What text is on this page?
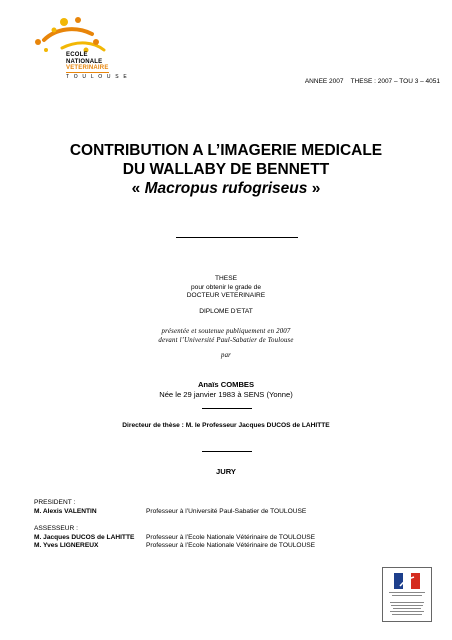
ECOLE
NATIONALE
VETERINAIRE
T O U L O U S E
ANNEE 2007 THESE : 2007 – TOU 3 – 4051
CONTRIBUTION A L’IMAGERIE MEDICALE
DU WALLABY DE BENNETT
« Macropus rufogriseus »
THESE
pour obtenir le grade de
DOCTEUR VETERINAIRE
DIPLOME D’ETAT
présentée et soutenue publiquement en 2007
devant l’Université Paul-Sabatier de Toulouse
par
Anaïs COMBES
Née le 29 janvier 1983 à SENS (Yonne)
Directeur de thèse : M. le Professeur Jacques DUCOS de LAHITTE
JURY
PRESIDENT :
M. Alexis VALENTIN	Professeur à l’Université Paul-Sabatier de TOULOUSE
ASSESSEUR :
M. Jacques DUCOS de LAHITTE Professeur à l’Ecole Nationale Vétérinaire de TOULOUSE
M. Yves LIGNEREUX	Professeur à l’Ecole Nationale Vétérinaire de TOULOUSE
